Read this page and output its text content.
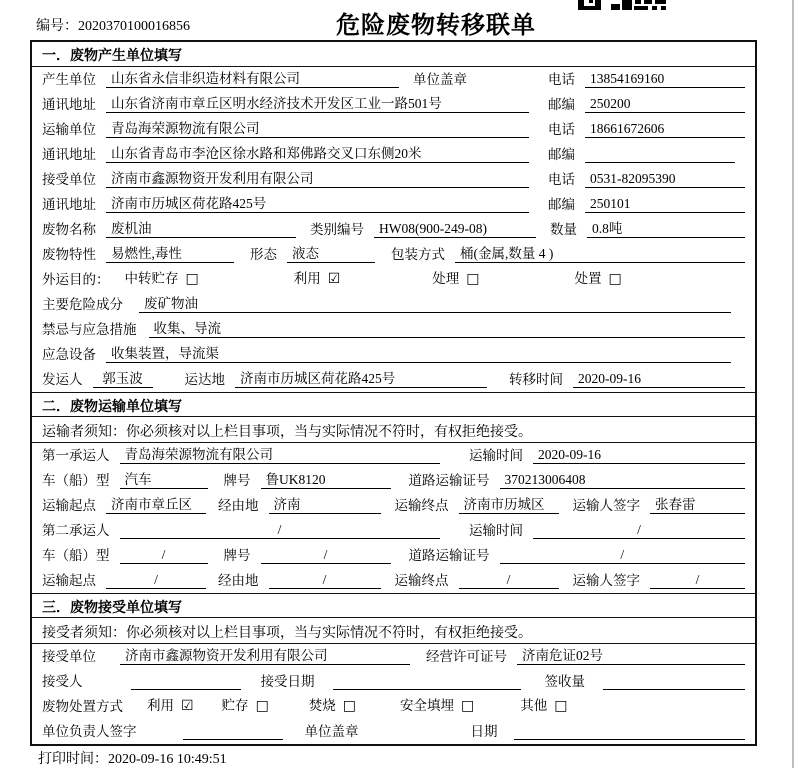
编号：2020370100016856	危险废物转移联单
一．废物产生单位填写
产生单位	山东省永信非织造材料有限公司	单位盖章	电话	13854169160
通讯地址	山东省济南市章丘区明水经济技术开发区工业一路501号	邮编	250200
运输单位	青岛海荣源物流有限公司	电话	18661672606
通讯地址	山东省青岛市李沧区徐水路和郑佛路交叉口东侧20米	邮编
接受单位	济南市鑫源物资开发利用有限公司	电话	0531-82095390
通讯地址	济南市历城区荷花路425号	邮编	250101
废物名称	废机油	类别编号	HW08(900-249-08)	数量	0.8吨
废物特性	易燃性,毒性	形态	液态	包装方式	桶(金属,数量 4 )
外运目的： 中转贮存 □	利用 ☑	处理 □	处置 □
主要危险成分	废矿物油
禁忌与应急措施	收集、导流
应急设备	收集装置，导流渠
发运人	郭玉波	运达地	济南市历城区荷花路425号	转移时间	2020-09-16
二．废物运输单位填写
运输者须知：你必须核对以上栏目事项，当与实际情况不符时，有权拒绝接受。
第一承运人	青岛海荣源物流有限公司	运输时间	2020-09-16
车（船）型	汽车	牌号	鲁UK8120	道路运输证号	370213006408
运输起点	济南市章丘区	经由地	济南	运输终点	济南市历城区	运输人签字	张春雷
第二承运人	/	运输时间	/
车（船）型	/	牌号	/	道路运输证号	/
运输起点	/	经由地	/	运输终点	/	运输人签字	/
三．废物接受单位填写
接受者须知：你必须核对以上栏目事项，当与实际情况不符时，有权拒绝接受。
接受单位	济南市鑫源物资开发利用有限公司	经营许可证号	济南危证02号
接受人	接受日期	签收量
废物处置方式 利用 ☑ 贮存 □	焚烧 □	安全填埋 □	其他 □
单位负责人签字	单位盖章	日期
打印时间：2020-09-16 10:49:51
